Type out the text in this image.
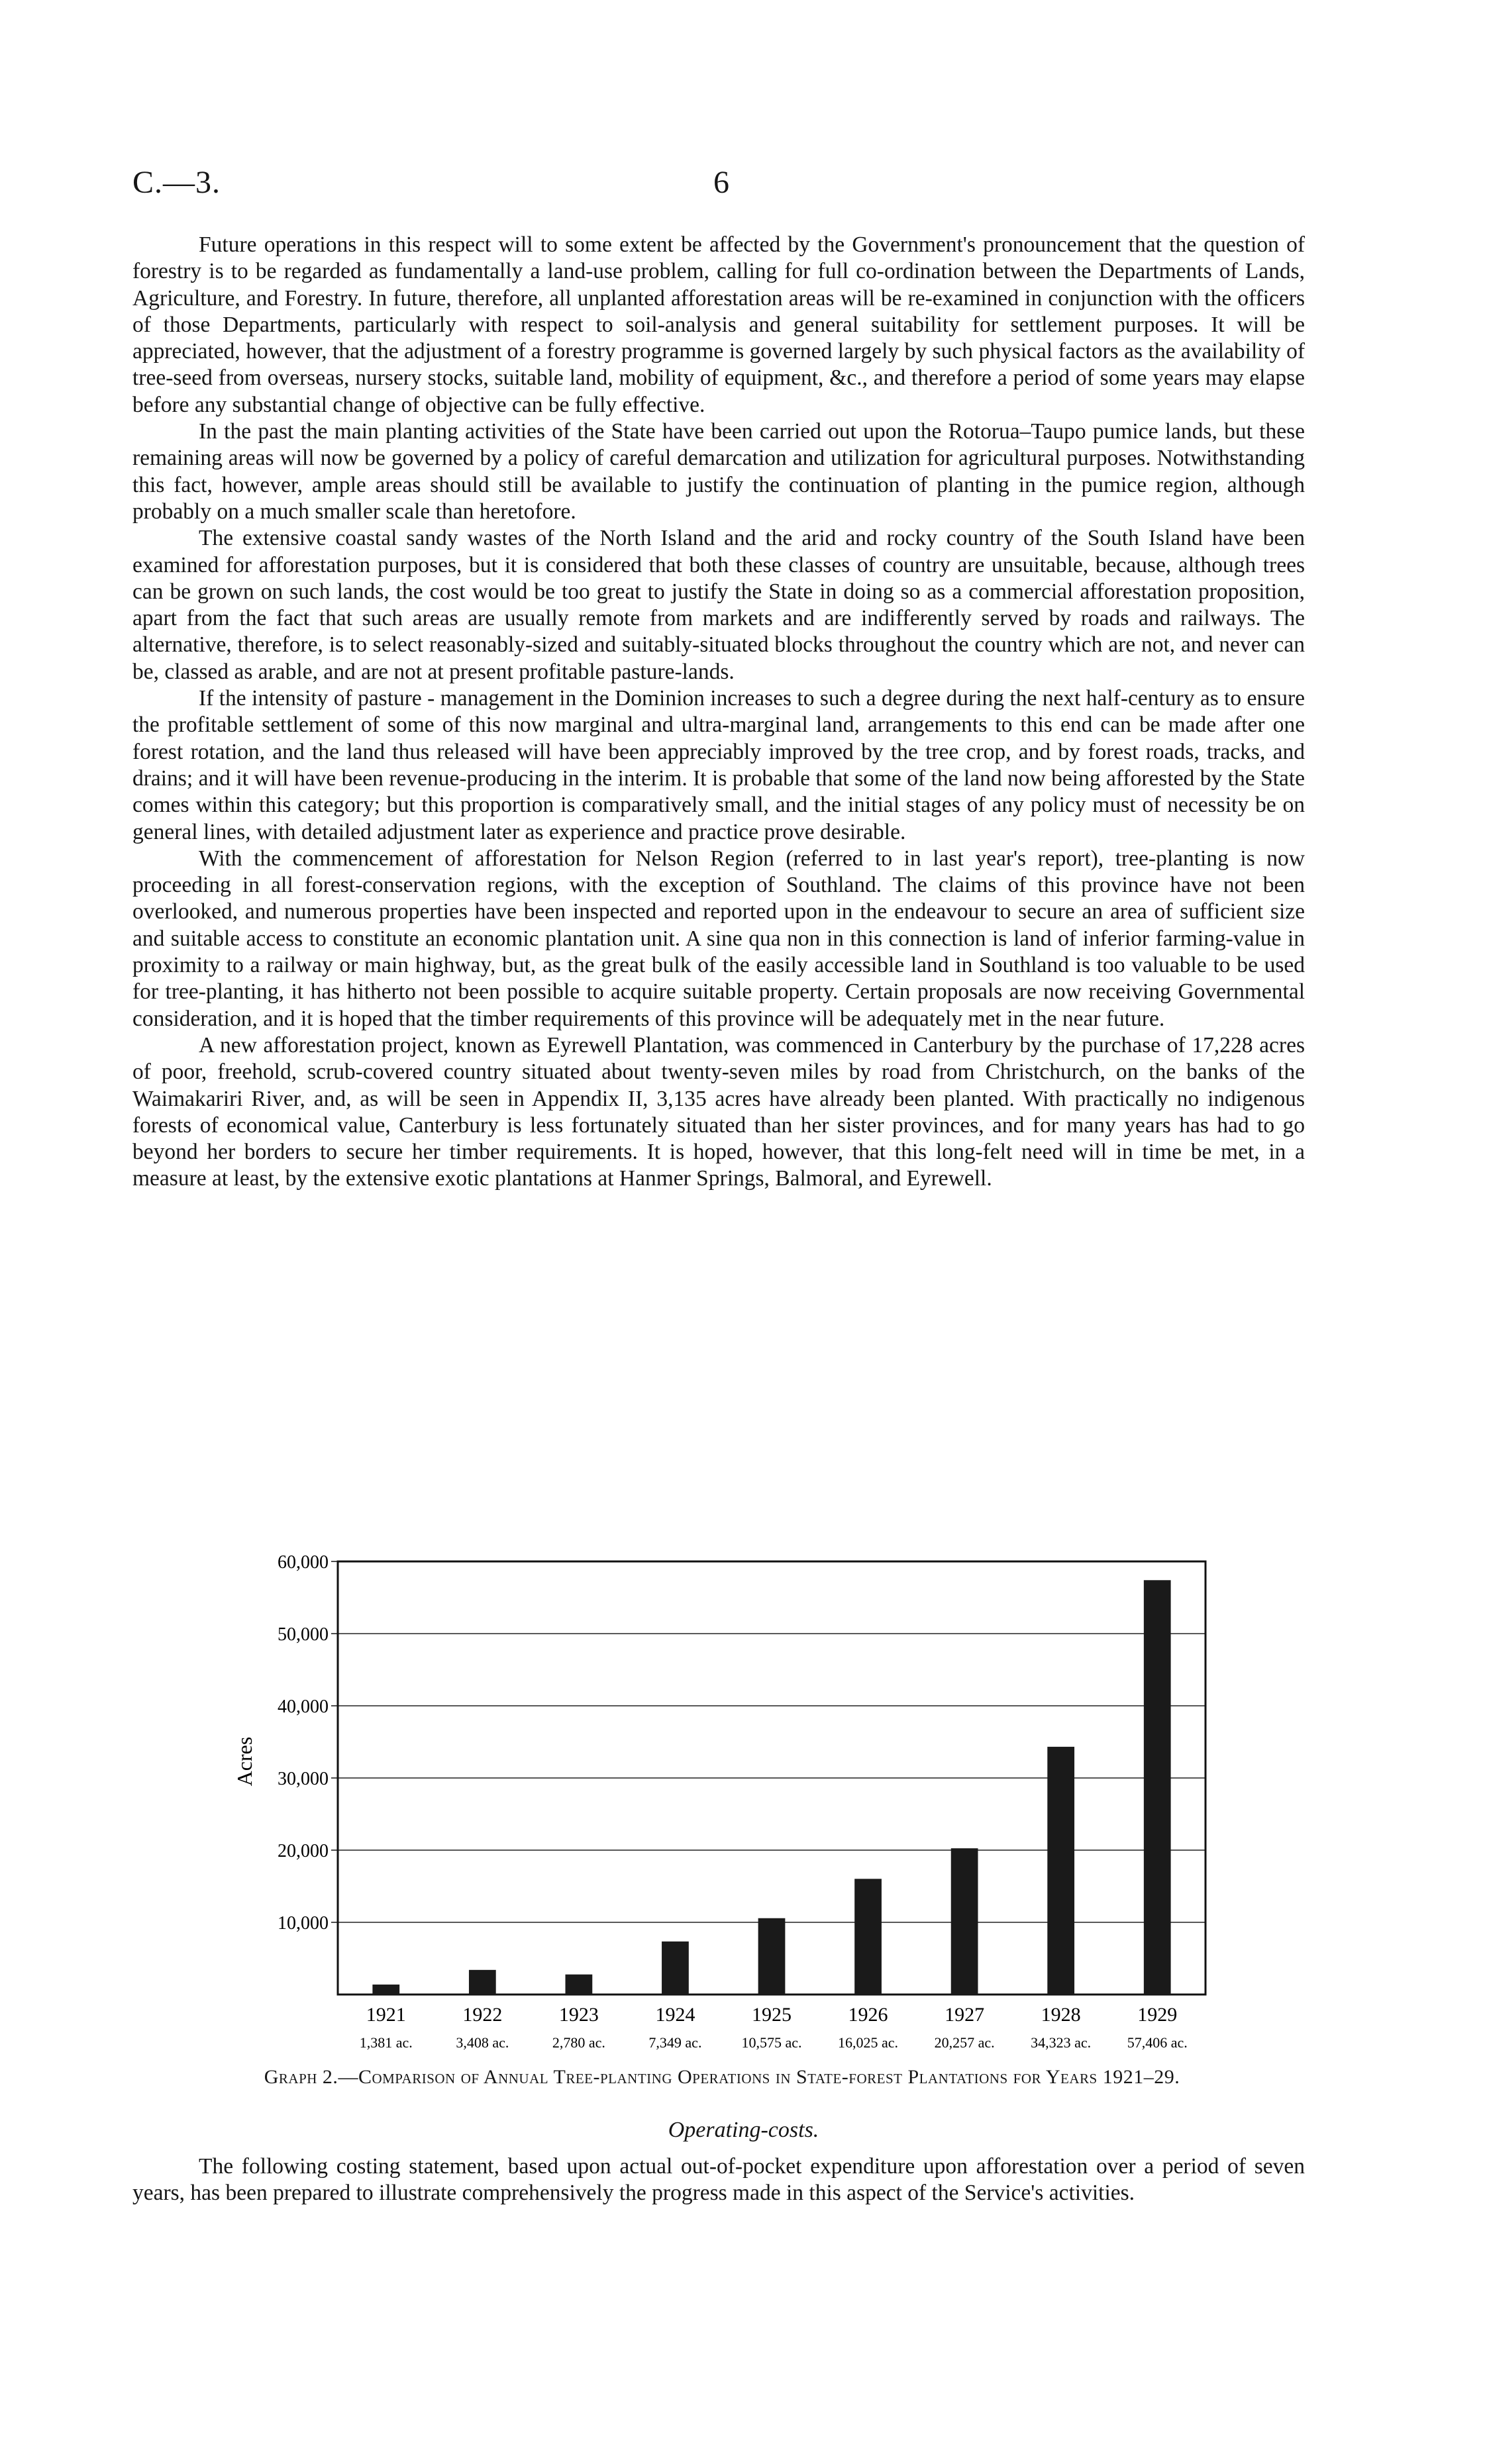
C.—3.	6

Future operations in this respect will to some extent be affected by the Government's pronouncement that the question of forestry is to be regarded as fundamentally a land-use problem, calling for full co-ordination between the Departments of Lands, Agriculture, and Forestry. In future, therefore, all unplanted afforestation areas will be re-examined in conjunction with the officers of those Departments, particularly with respect to soil-analysis and general suitability for settlement purposes. It will be appreciated, however, that the adjustment of a forestry programme is governed largely by such physical factors as the availability of tree-seed from overseas, nursery stocks, suitable land, mobility of equipment, &c., and therefore a period of some years may elapse before any substantial change of objective can be fully effective.

In the past the main planting activities of the State have been carried out upon the Rotorua–Taupo pumice lands, but these remaining areas will now be governed by a policy of careful demarcation and utilization for agricultural purposes. Notwithstanding this fact, however, ample areas should still be available to justify the continuation of planting in the pumice region, although probably on a much smaller scale than heretofore.

The extensive coastal sandy wastes of the North Island and the arid and rocky country of the South Island have been examined for afforestation purposes, but it is considered that both these classes of country are unsuitable, because, although trees can be grown on such lands, the cost would be too great to justify the State in doing so as a commercial afforestation proposition, apart from the fact that such areas are usually remote from markets and are indifferently served by roads and railways. The alternative, therefore, is to select reasonably-sized and suitably-situated blocks throughout the country which are not, and never can be, classed as arable, and are not at present profitable pasture-lands.

If the intensity of pasture - management in the Dominion increases to such a degree during the next half-century as to ensure the profitable settlement of some of this now marginal and ultra-marginal land, arrangements to this end can be made after one forest rotation, and the land thus released will have been appreciably improved by the tree crop, and by forest roads, tracks, and drains; and it will have been revenue-producing in the interim. It is probable that some of the land now being afforested by the State comes within this category; but this proportion is comparatively small, and the initial stages of any policy must of necessity be on general lines, with detailed adjustment later as experience and practice prove desirable.

With the commencement of afforestation for Nelson Region (referred to in last year's report), tree-planting is now proceeding in all forest-conservation regions, with the exception of Southland. The claims of this province have not been overlooked, and numerous properties have been inspected and reported upon in the endeavour to secure an area of sufficient size and suitable access to constitute an economic plantation unit. A sine qua non in this connection is land of inferior farming-value in proximity to a railway or main highway, but, as the great bulk of the easily accessible land in Southland is too valuable to be used for tree-planting, it has hitherto not been possible to acquire suitable property. Certain proposals are now receiving Governmental consideration, and it is hoped that the timber requirements of this province will be adequately met in the near future.

A new afforestation project, known as Eyrewell Plantation, was commenced in Canterbury by the purchase of 17,228 acres of poor, freehold, scrub-covered country situated about twenty-seven miles by road from Christchurch, on the banks of the Waimakariri River, and, as will be seen in Appendix II, 3,135 acres have already been planted. With practically no indigenous forests of economical value, Canterbury is less fortunately situated than her sister provinces, and for many years has had to go beyond her borders to secure her timber requirements. It is hoped, however, that this long-felt need will in time be met, in a measure at least, by the extensive exotic plantations at Hanmer Springs, Balmoral, and Eyrewell.

Acres
10,000
20,000
30,000
40,000
50,000
60,000
1921
1,381 ac.
1922
3,408 ac.
1923
2,780 ac.
1924
7,349 ac.
1925
10,575 ac.
1926
16,025 ac.
1927
20,257 ac.
1928
34,323 ac.
1929
57,406 ac.
Graph 2.—Comparison of Annual Tree-planting Operations in State-forest Plantations for Years 1921–29.
Operating-costs.

The following costing statement, based upon actual out-of-pocket expenditure upon afforestation over a period of seven years, has been prepared to illustrate comprehensively the progress made in this aspect of the Service's activities.
